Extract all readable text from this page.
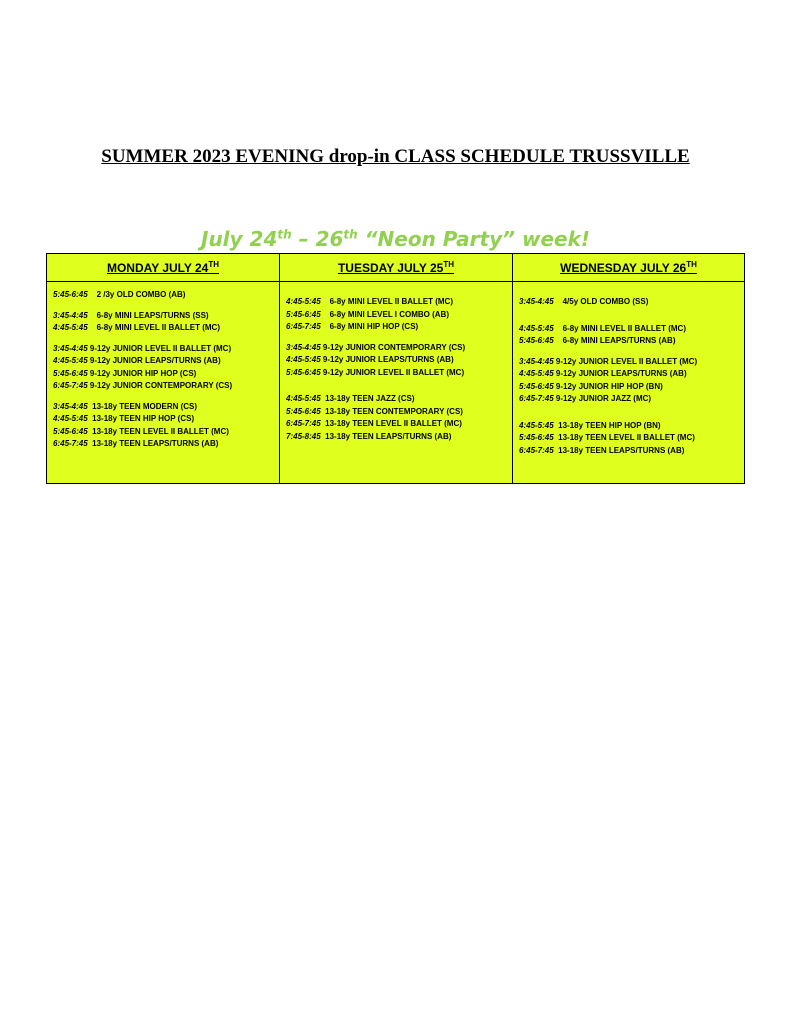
SUMMER 2023 EVENING drop-in CLASS SCHEDULE TRUSSVILLE
July 24th – 26th “Neon Party” week!
MONDAY JULY 24TH
5:45-6:45 2 /3y OLD COMBO (AB)
3:45-4:45 6-8y MINI LEAPS/TURNS (SS)
4:45-5:45 6-8y MINI LEVEL II BALLET (MC)
3:45-4:45 9-12y JUNIOR LEVEL II BALLET (MC)
4:45-5:45 9-12y JUNIOR LEAPS/TURNS (AB)
5:45-6:45 9-12y JUNIOR HIP HOP (CS)
6:45-7:45 9-12y JUNIOR CONTEMPORARY (CS)
3:45-4:45 13-18y TEEN MODERN (CS)
4:45-5:45 13-18y TEEN HIP HOP (CS)
5:45-6:45 13-18y TEEN LEVEL II BALLET (MC)
6:45-7:45 13-18y TEEN LEAPS/TURNS (AB)
TUESDAY JULY 25TH
4:45-5:45 6-8y MINI LEVEL II BALLET (MC)
5:45-6:45 6-8y MINI LEVEL I COMBO (AB)
6:45-7:45 6-8y MINI HIP HOP (CS)
3:45-4:45 9-12y JUNIOR CONTEMPORARY (CS)
4:45-5:45 9-12y JUNIOR LEAPS/TURNS (AB)
5:45-6:45 9-12y JUNIOR LEVEL II BALLET (MC)
4:45-5:45 13-18y TEEN JAZZ (CS)
5:45-6:45 13-18y TEEN CONTEMPORARY (CS)
6:45-7:45 13-18y TEEN LEVEL II BALLET (MC)
7:45-8:45 13-18y TEEN LEAPS/TURNS (AB)
WEDNESDAY JULY 26TH
3:45-4:45 4/5y OLD COMBO (SS)
4:45-5:45 6-8y MINI LEVEL II BALLET (MC)
5:45-6:45 6-8y MINI LEAPS/TURNS (AB)
3:45-4:45 9-12y JUNIOR LEVEL II BALLET (MC)
4:45-5:45 9-12y JUNIOR LEAPS/TURNS (AB)
5:45-6:45 9-12y JUNIOR HIP HOP (BN)
6:45-7:45 9-12y JUNIOR JAZZ (MC)
4:45-5:45 13-18y TEEN HIP HOP (BN)
5:45-6:45 13-18y TEEN LEVEL II BALLET (MC)
6:45-7:45 13-18y TEEN LEAPS/TURNS (AB)
